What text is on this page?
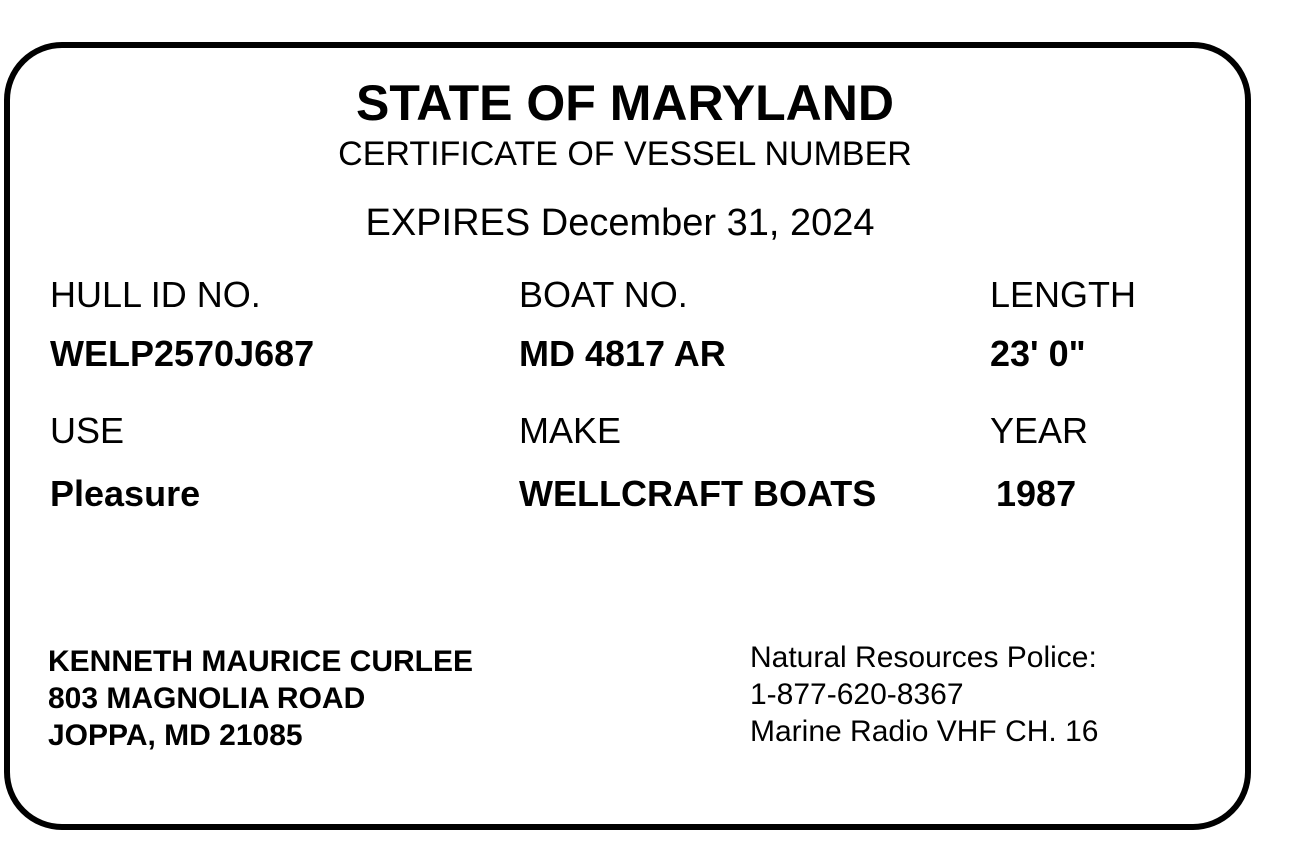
STATE OF MARYLAND
CERTIFICATE OF VESSEL NUMBER
EXPIRES December 31, 2024
HULL ID NO.	BOAT NO.	LENGTH
WELP2570J687	MD 4817 AR	23' 0"
USE	MAKE	YEAR
Pleasure	WELLCRAFT BOATS	1987
KENNETH MAURICE CURLEE
803 MAGNOLIA ROAD
JOPPA, MD 21085
Natural Resources Police:
1-877-620-8367
Marine Radio VHF CH. 16
